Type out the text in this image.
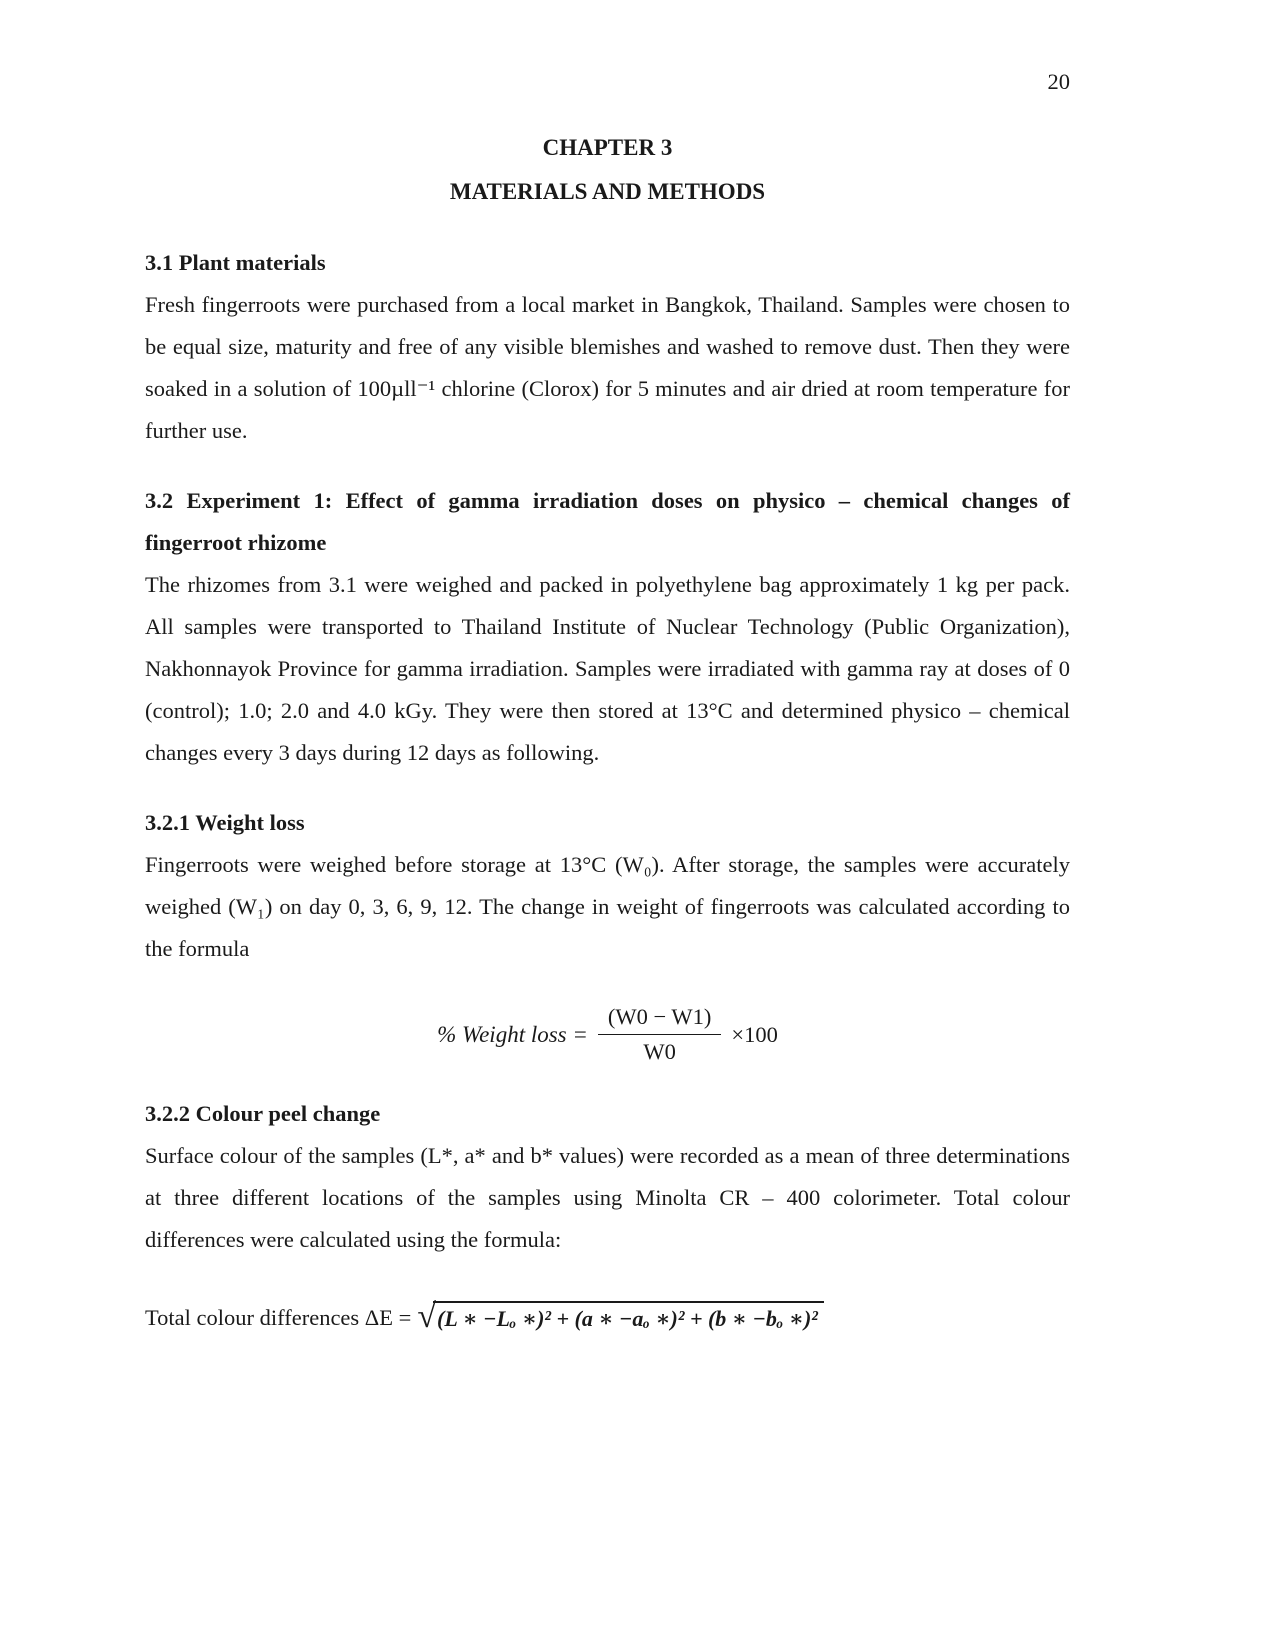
20
CHAPTER 3
MATERIALS AND METHODS
3.1 Plant materials

Fresh fingerroots were purchased from a local market in Bangkok, Thailand. Samples were chosen to be equal size, maturity and free of any visible blemishes and washed to remove dust. Then they were soaked in a solution of 100µll⁻¹ chlorine (Clorox) for 5 minutes and air dried at room temperature for further use.

3.2 Experiment 1: Effect of gamma irradiation doses on physico – chemical changes of fingerroot rhizome

The rhizomes from 3.1 were weighed and packed in polyethylene bag approximately 1 kg per pack. All samples were transported to Thailand Institute of Nuclear Technology (Public Organization), Nakhonnayok Province for gamma irradiation. Samples were irradiated with gamma ray at doses of 0 (control); 1.0; 2.0 and 4.0 kGy. They were then stored at 13°C and determined physico – chemical changes every 3 days during 12 days as following.

3.2.1 Weight loss

Fingerroots were weighed before storage at 13°C (W₀). After storage, the samples were accurately weighed (W₁) on day 0, 3, 6, 9, 12. The change in weight of fingerroots was calculated according to the formula

% Weight loss = $\frac{(W0 - W1)}{W0} \times 100$
3.2.2 Colour peel change

Surface colour of the samples (L*, a* and b* values) were recorded as a mean of three determinations at three different locations of the samples using Minolta CR – 400 colorimeter. Total colour differences were calculated using the formula:

Total colour differences ΔE = √ (L ∗ −Lₒ ∗)² + (a ∗ −aₒ ∗)² + (b ∗ −bₒ ∗)²
